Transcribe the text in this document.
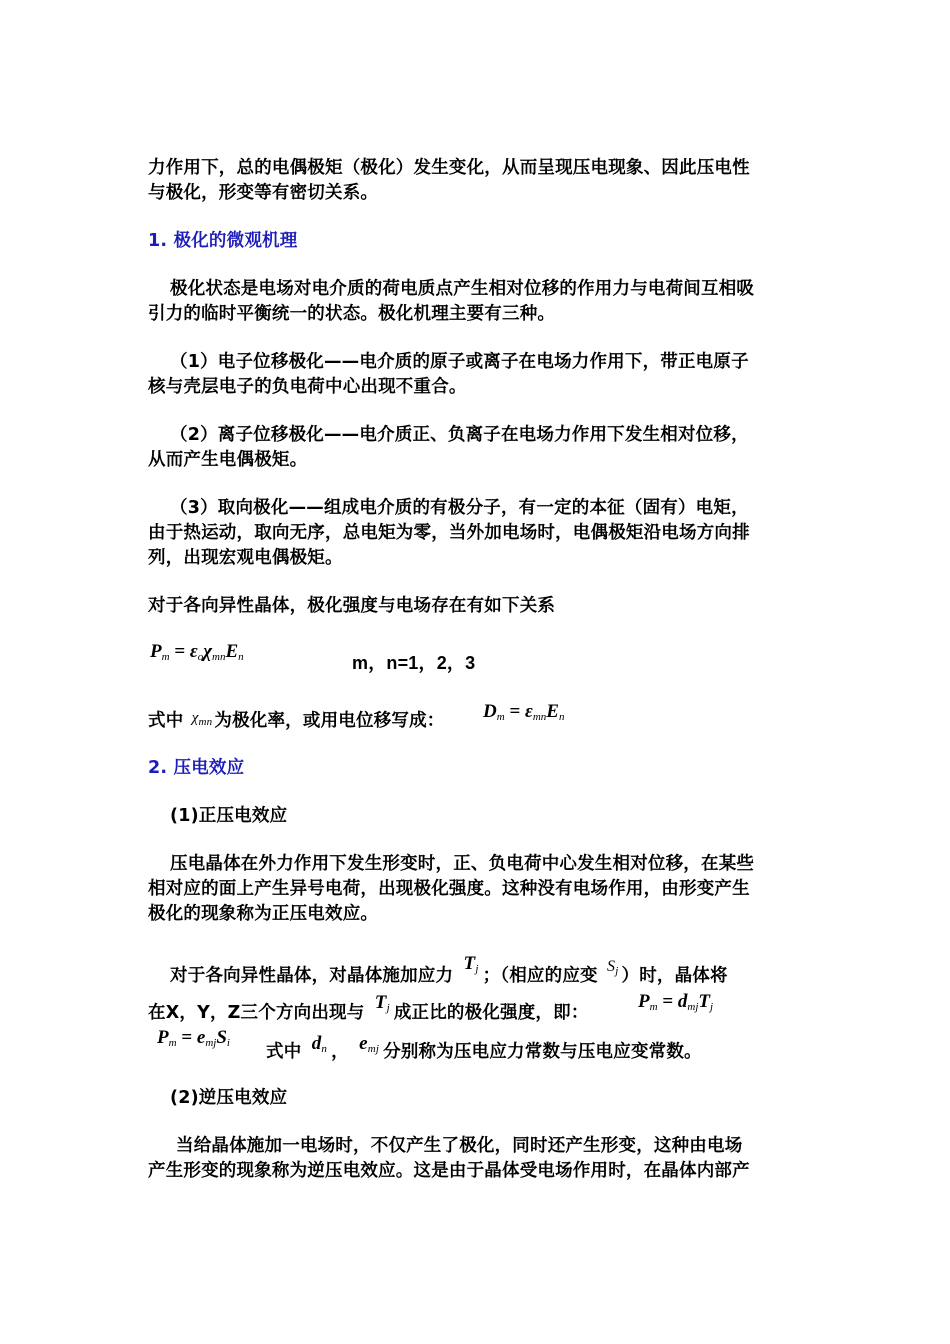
力作用下，总的电偶极矩（极化）发生变化，从而呈现压电现象、因此压电性
与极化，形变等有密切关系。
1. 极化的微观机理
极化状态是电场对电介质的荷电质点产生相对位移的作用力与电荷间互相吸
引力的临时平衡统一的状态。极化机理主要有三种。
（1）电子位移极化——电介质的原子或离子在电场力作用下，带正电原子
核与壳层电子的负电荷中心出现不重合。
（2）离子位移极化——电介质正、负离子在电场力作用下发生相对位移，
从而产生电偶极矩。
（3）取向极化——组成电介质的有极分子，有一定的本征（固有）电矩，
由于热运动，取向无序，总电矩为零，当外加电场时，电偶极矩沿电场方向排
列，出现宏观电偶极矩。
对于各向异性晶体，极化强度与电场存在有如下关系
$P_m = \varepsilon_o\chi_{mn}E_n$	m，n=1，2，3
式中 $\chi_{mn}$ 为极化率，或用电位移写成： $D_m = \varepsilon_{mn}E_n$
2. 压电效应
(1)正压电效应
压电晶体在外力作用下发生形变时，正、负电荷中心发生相对位移，在某些
相对应的面上产生异号电荷，出现极化强度。这种没有电场作用，由形变产生
极化的现象称为正压电效应。
对于各向异性晶体，对晶体施加应力 $T_j$ ；（相应的应变 $S_j$ ）时，晶体将
在X，Y，Z三个方向出现与 $T_j$ 成正比的极化强度，即：
$P_m = d_{mj}T_j$
$P_m = e_{mj}S_i$ 式中 $d_n$ ， $e_{mj}$ 分别称为压电应力常数与压电应变常数。
(2)逆压电效应
当给晶体施加一电场时，不仅产生了极化，同时还产生形变，这种由电场
产生形变的现象称为逆压电效应。这是由于晶体受电场作用时，在晶体内部产
